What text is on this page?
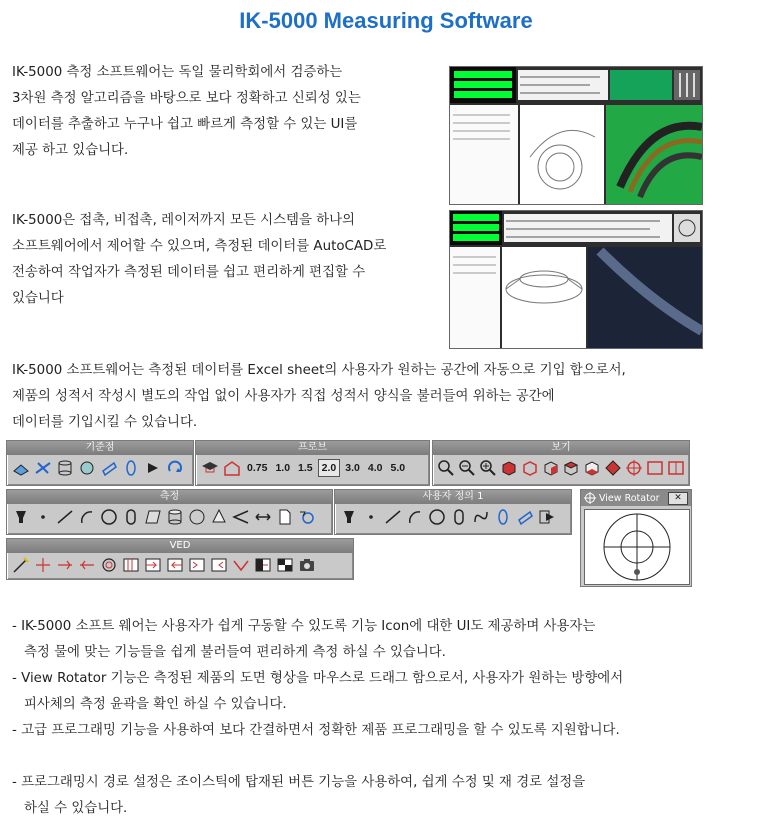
IK-5000 Measuring Software
IK-5000 측정 소프트웨어는 독일 물리학회에서 검증하는
3차원 측정 알고리즘을 바탕으로 보다 정확하고 신뢰성 있는
데이터를 추출하고 누구나 쉽고 빠르게 측정할 수 있는 UI를
제공 하고 있습니다.
IK-5000은 접촉, 비접촉, 레이저까지 모든 시스템을 하나의
소프트웨어에서 제어할 수 있으며, 측정된 데이터를 AutoCAD로
전송하여 작업자가 측정된 데이터를 쉽고 편리하게 편집할 수
있습니다
IK-5000 소프트웨어는 측정된 데이터를 Excel sheet의 사용자가 원하는 공간에 자동으로 기입 합으로서,
제품의 성적서 작성시 별도의 작업 없이 사용자가 직접 성적서 양식을 불러들여 위하는 공간에
데이터를 기입시킬 수 있습니다.
기준점	프로브
0.75 1.0 1.5 2.0 3.0 4.0 5.0
보기
측정	사용자 정의 1	View Rotator	✕
VED
- IK-5000 소프트 웨어는 사용자가 쉽게 구동할 수 있도록 기능 Icon에 대한 UI도 제공하며 사용자는
측정 물에 맞는 기능들을 쉽게 불러들여 편리하게 측정 하실 수 있습니다.
- View Rotator 기능은 측정된 제품의 도면 형상을 마우스로 드래그 함으로서, 사용자가 원하는 방향에서
피사체의 측정 윤곽을 확인 하실 수 있습니다.
- 고급 프로그래밍 기능을 사용하여 보다 간결하면서 정확한 제품 프로그래밍을 할 수 있도록 지원합니다.
- 프로그래밍시 경로 설정은 조이스틱에 탑재된 버튼 기능을 사용하여, 쉽게 수정 및 재 경로 설정을
하실 수 있습니다.
